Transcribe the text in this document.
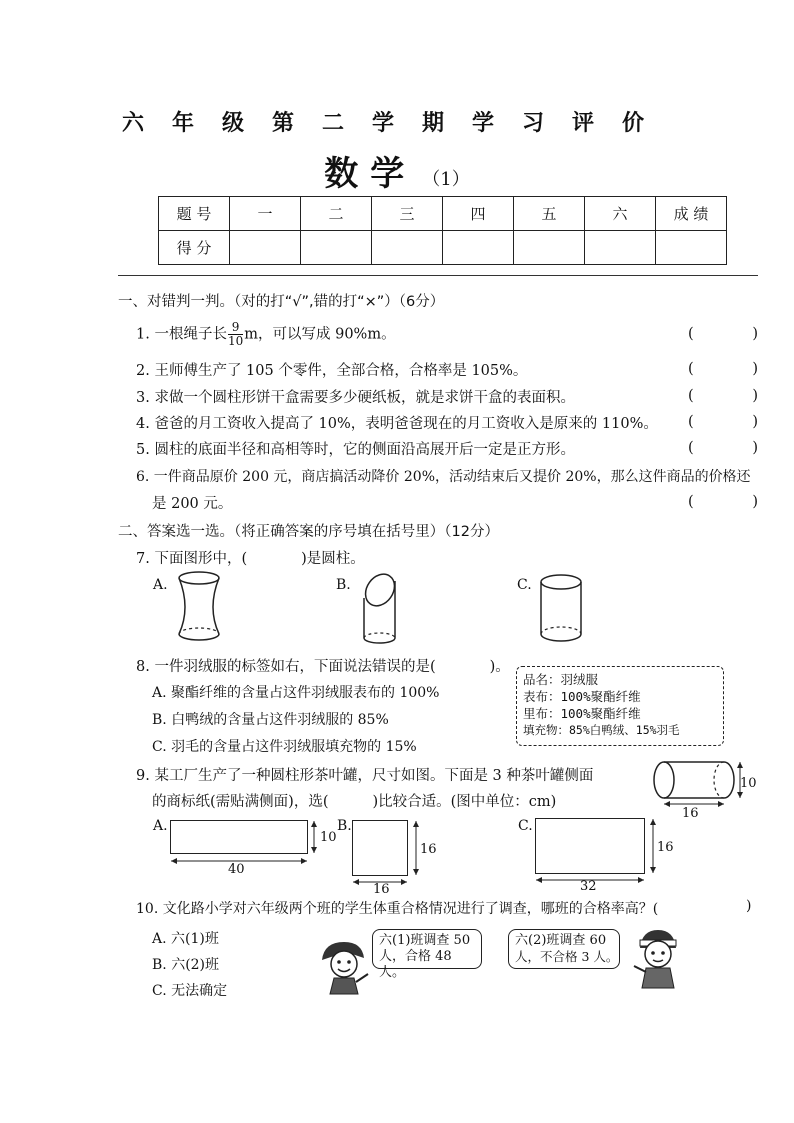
六年级第二学期学习评价
数学 （1）
题 号	一	二	三	四	五	六	成 绩
得 分							
一、对错判一判。（对的打“√”,错的打“×”）（6分）
1. 一根绳子长 $\frac{9}{10}$ m，可以写成 90%m。	(	)
2. 王师傅生产了 105 个零件，全部合格，合格率是 105%。	(	)
3. 求做一个圆柱形饼干盒需要多少硬纸板，就是求饼干盒的表面积。	(	)
4. 爸爸的月工资收入提高了 10%，表明爸爸现在的月工资收入是原来的 110%。 (	)
5. 圆柱的底面半径和高相等时，它的侧面沿高展开后一定是正方形。	(	)
6. 一件商品原价 200 元，商店搞活动降价 20%，活动结束后又提价 20%，那么这件商品的价格还
是 200 元。	(	)
二、答案选一选。（将正确答案的序号填在括号里）（12分）
7. 下面图形中，(	)是圆柱。
A.	B.	C.
8. 一件羽绒服的标签如右，下面说法错误的是(	)。
A. 聚酯纤维的含量占这件羽绒服表布的 100%
B. 白鸭绒的含量占这件羽绒服的 85%
C. 羽毛的含量占这件羽绒服填充物的 15%
品名：羽绒服
表布：100%聚酯纤维
里布：100%聚酯纤维
填充物：85%白鸭绒、15%羽毛
9. 某工厂生产了一种圆柱形茶叶罐，尺寸如图。下面是 3 种茶叶罐侧面
的商标纸(需贴满侧面)，选(	)比较合适。(图中单位：cm)
10
16
A.
10
40
B.
16
16
C.
16
32
10. 文化路小学对六年级两个班的学生体重合格情况进行了调查，哪班的合格率高？(	)
A. 六(1)班
B. 六(2)班
C. 无法确定
六(1)班调查 50
人，合格 48 人。
六(2)班调查 60
人，不合格 3 人。
